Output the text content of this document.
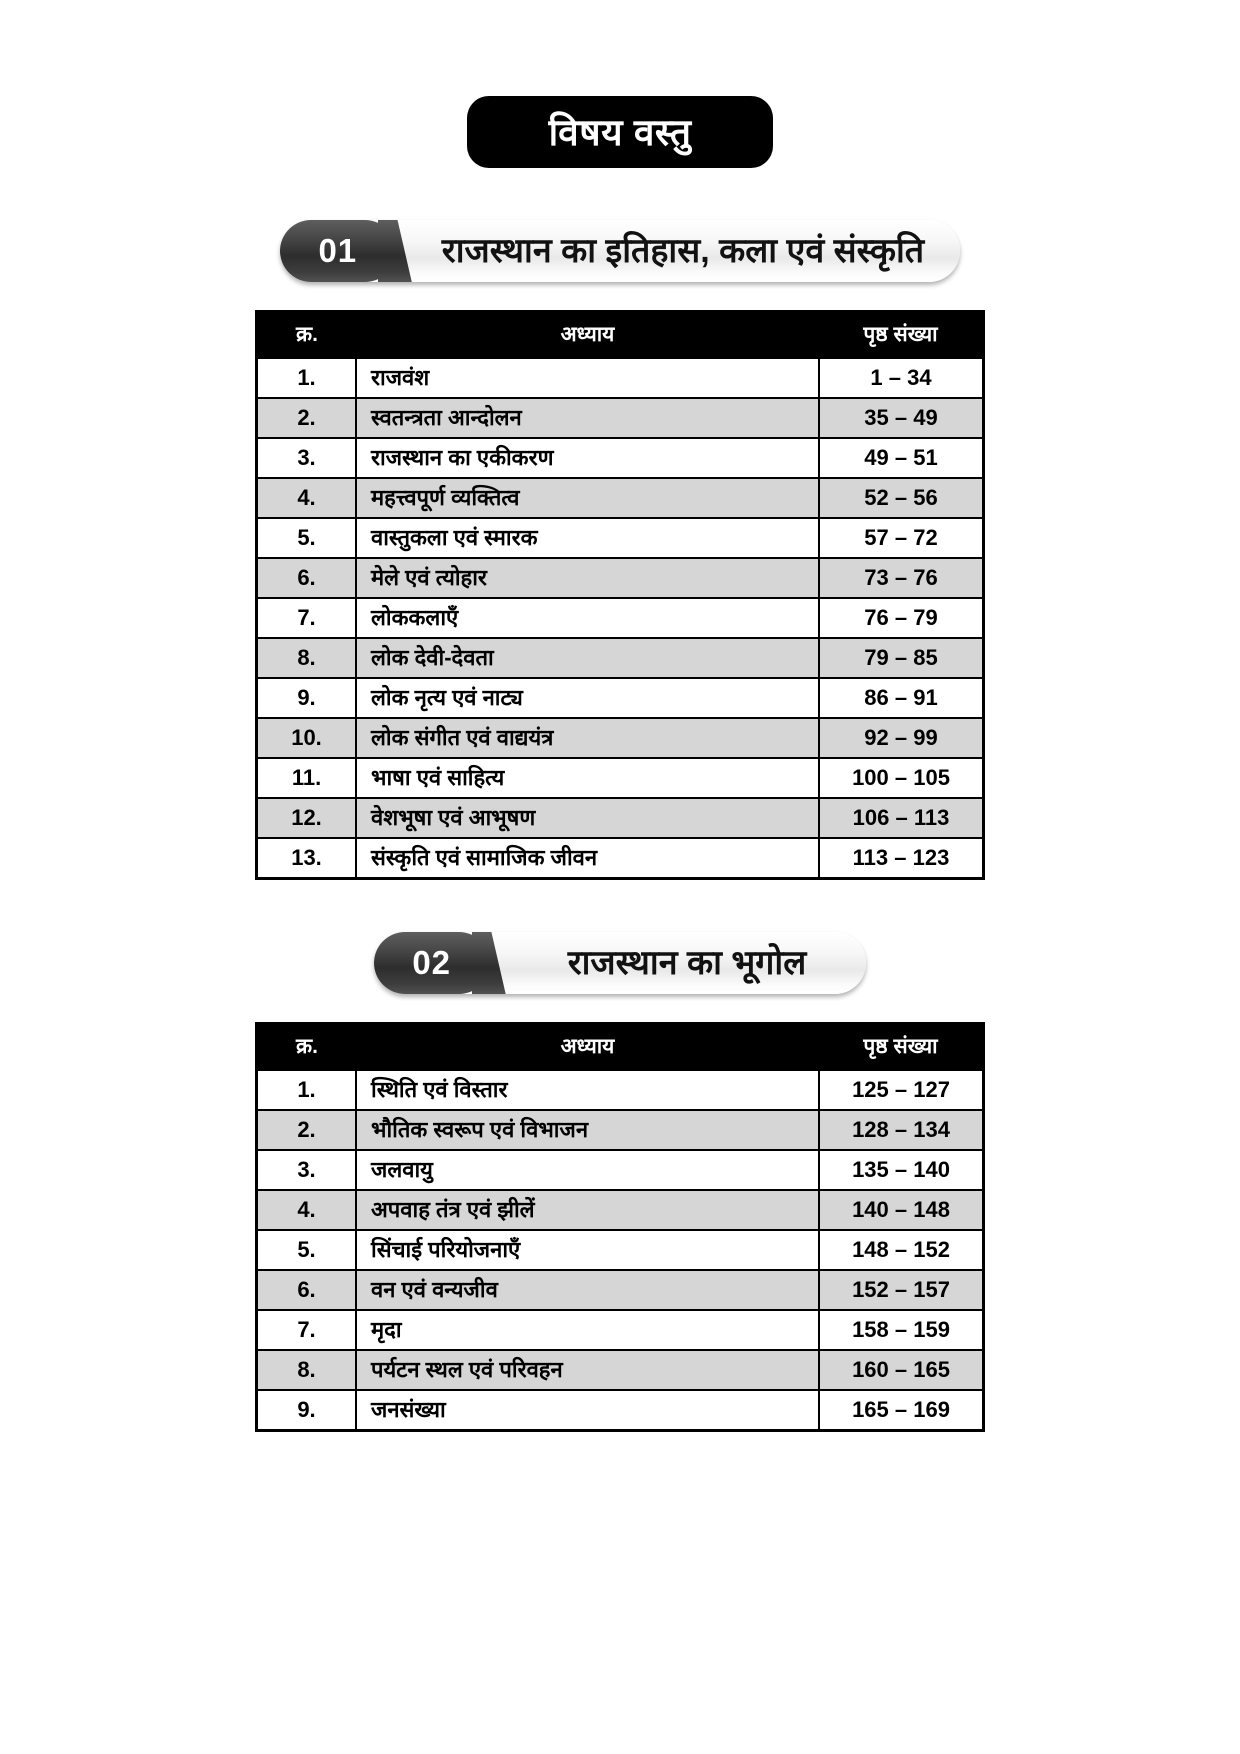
विषय वस्तु
01	राजस्थान का इतिहास, कला एवं संस्कृति
क्र.	अध्याय	पृष्ठ संख्या
1.	राजवंश	1 – 34
2.	स्वतन्त्रता आन्दोलन	35 – 49
3.	राजस्थान का एकीकरण	49 – 51
4.	महत्त्वपूर्ण व्यक्तित्व	52 – 56
5.	वास्तुकला एवं स्मारक	57 – 72
6.	मेले एवं त्योहार	73 – 76
7.	लोककलाएँ	76 – 79
8.	लोक देवी-देवता	79 – 85
9.	लोक नृत्य एवं नाट्य	86 – 91
10.	लोक संगीत एवं वाद्ययंत्र	92 – 99
11.	भाषा एवं साहित्य	100 – 105
12.	वेशभूषा एवं आभूषण	106 – 113
13.	संस्कृति एवं सामाजिक जीवन	113 – 123
02	राजस्थान का भूगोल
क्र.	अध्याय	पृष्ठ संख्या
1.	स्थिति एवं विस्तार	125 – 127
2.	भौतिक स्वरूप एवं विभाजन	128 – 134
3.	जलवायु	135 – 140
4.	अपवाह तंत्र एवं झीलें	140 – 148
5.	सिंचाई परियोजनाएँ	148 – 152
6.	वन एवं वन्यजीव	152 – 157
7.	मृदा	158 – 159
8.	पर्यटन स्थल एवं परिवहन	160 – 165
9.	जनसंख्या	165 – 169
